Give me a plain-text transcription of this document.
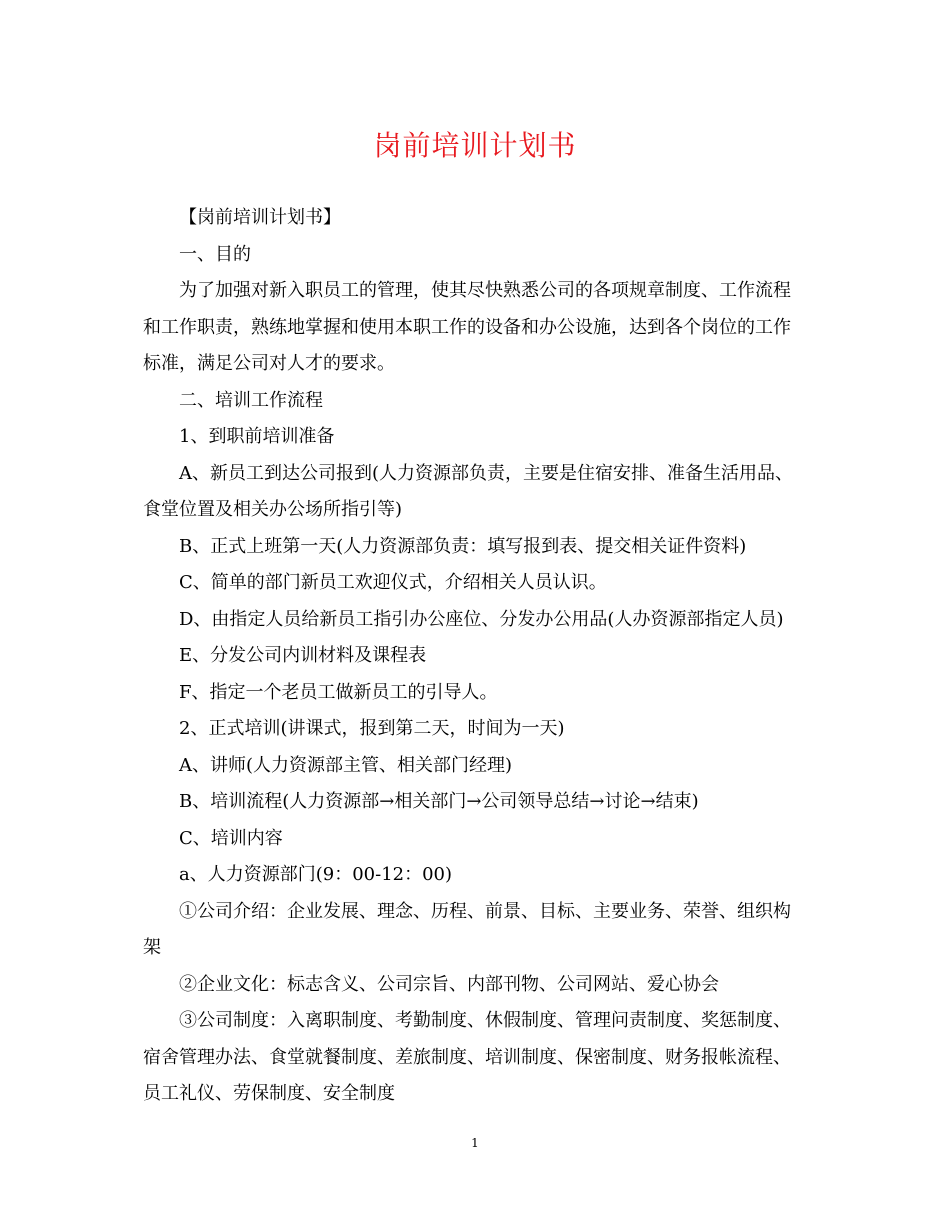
岗前培训计划书

【岗前培训计划书】

一、目的

为了加强对新入职员工的管理，使其尽快熟悉公司的各项规章制度、工作流程和工作职责，熟练地掌握和使用本职工作的设备和办公设施，达到各个岗位的工作标准，满足公司对人才的要求。

二、培训工作流程

1、到职前培训准备

A、新员工到达公司报到(人力资源部负责，主要是住宿安排、准备生活用品、食堂位置及相关办公场所指引等)

B、正式上班第一天(人力资源部负责：填写报到表、提交相关证件资料)

C、简单的部门新员工欢迎仪式，介绍相关人员认识。

D、由指定人员给新员工指引办公座位、分发办公用品(人办资源部指定人员)

E、分发公司内训材料及课程表

F、指定一个老员工做新员工的引导人。

2、正式培训(讲课式，报到第二天，时间为一天)

A、讲师(人力资源部主管、相关部门经理)

B、培训流程(人力资源部→相关部门→公司领导总结→讨论→结束)

C、培训内容

a、人力资源部门(9：00-12：00)

①公司介绍：企业发展、理念、历程、前景、目标、主要业务、荣誉、组织构架

②企业文化：标志含义、公司宗旨、内部刊物、公司网站、爱心协会

③公司制度：入离职制度、考勤制度、休假制度、管理问责制度、奖惩制度、宿舍管理办法、食堂就餐制度、差旅制度、培训制度、保密制度、财务报帐流程、员工礼仪、劳保制度、安全制度

1
